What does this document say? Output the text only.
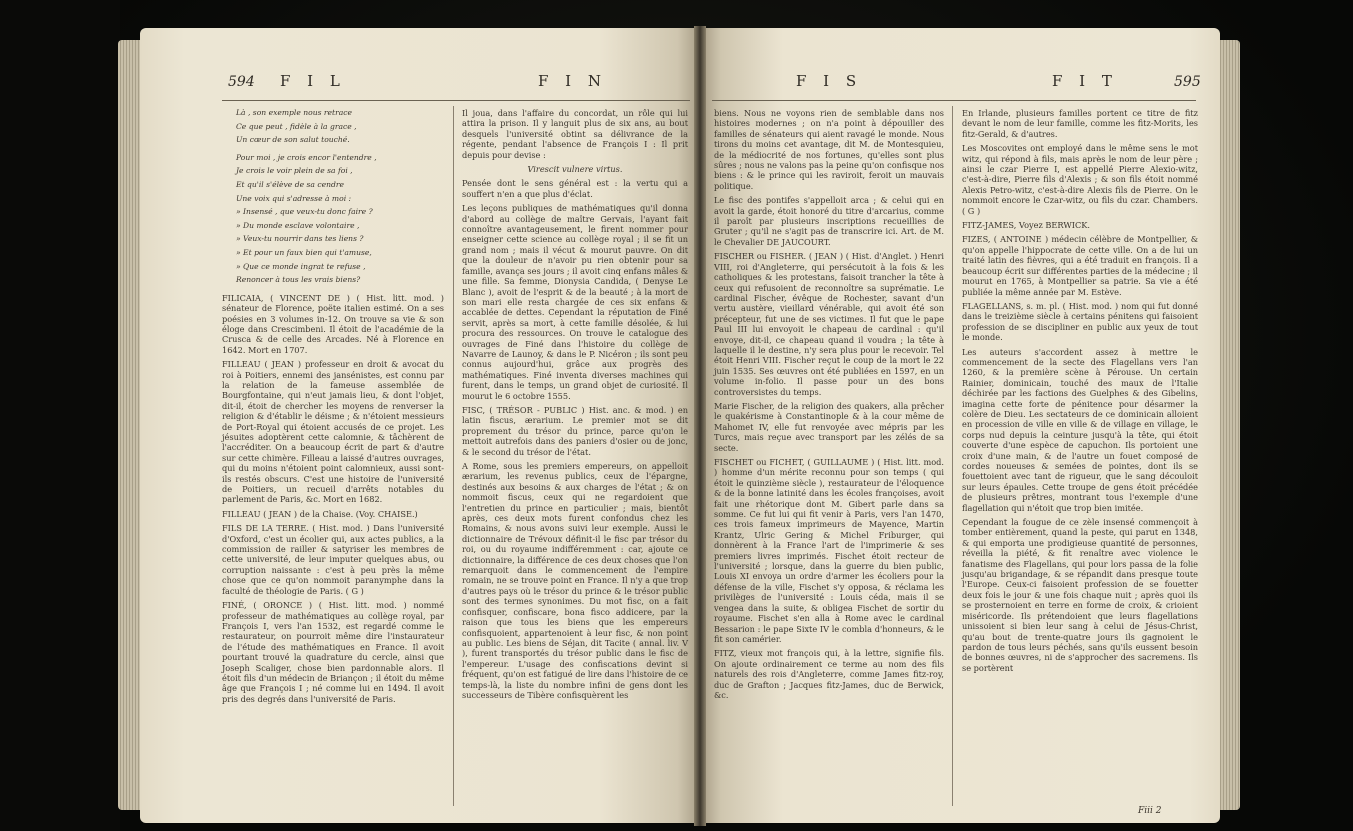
594 F I L	F I N

Là , son exemple nous retrace

Ce que peut , fidèle à la grace ,

Un cœur de son salut touché.

Pour moi , je crois encor l'entendre ,

Je crois le voir plein de sa foi ,

Et qu'il s'élève de sa cendre

Une voix qui s'adresse à moi :

» Insensé , que veux-tu donc faire ?

» Du monde esclave volontaire ,

» Veux-tu nourrir dans tes liens ?

» Et pour un faux bien qui t'amuse,

» Que ce monde ingrat te refuse ,

Renoncer à tous les vrais biens?

FILICAIA, ( VINCENT DE ) ( Hist. litt. mod. ) sénateur de Florence, poëte italien estimé. On a ses poésies en 3 volumes in-12. On trouve sa vie & son éloge dans Crescimbeni. Il étoit de l'académie de la Crusca & de celle des Arcades. Né à Florence en 1642. Mort en 1707.

FILLEAU ( JEAN ) professeur en droit & avocat du roi à Poitiers, ennemi des jansénistes, est connu par la relation de la fameuse assemblée de Bourgfontaine, qui n'eut jamais lieu, & dont l'objet, dit-il, étoit de chercher les moyens de renverser la religion & d'établir le déisme ; & n'étoient messieurs de Port-Royal qui étoient accusés de ce projet. Les jésuites adoptèrent cette calomnie, & tâchèrent de l'accréditer. On a beaucoup écrit de part & d'autre sur cette chimère. Filleau a laissé d'autres ouvrages, qui du moins n'étoient point calomnieux, aussi sont-ils restés obscurs. C'est une histoire de l'université de Poitiers, un recueil d'arrêts notables du parlement de Paris, &c. Mort en 1682.

FILLEAU ( JEAN ) de la Chaise. (Voy. CHAISE.)

FILS DE LA TERRE. ( Hist. mod. ) Dans l'université d'Oxford, c'est un écolier qui, aux actes publics, a la commission de railler & satyriser les membres de cette université, de leur imputer quelques abus, ou corruption naissante : c'est à peu près la même chose que ce qu'on nommoit paranymphe dans la faculté de théologie de Paris. ( G )

FINÉ, ( ORONCE ) ( Hist. litt. mod. ) nommé professeur de mathématiques au collège royal, par François I, vers l'an 1532, est regardé comme le restaurateur, on pourroit même dire l'instaurateur de l'étude des mathématiques en France. Il avoit pourtant trouvé la quadrature du cercle, ainsi que Joseph Scaliger, chose bien pardonnable alors. Il étoit fils d'un médecin de Briançon ; il étoit du même âge que François I ; né comme lui en 1494. Il avoit pris des degrés dans l'université de Paris.

Il joua, dans l'affaire du concordat, un rôle qui lui attira la prison. Il y languit plus de six ans, au bout desquels l'université obtint sa délivrance de la régente, pendant l'absence de François I : Il prit depuis pour devise :

Virescit vulnere virtus.

Pensée dont le sens général est : la vertu qui a souffert n'en a que plus d'éclat.

Les leçons publiques de mathématiques qu'il donna d'abord au collège de maître Gervais, l'ayant fait connoître avantageusement, le firent nommer pour enseigner cette science au collège royal ; il se fit un grand nom ; mais il vécut & mourut pauvre. On dit que la douleur de n'avoir pu rien obtenir pour sa famille, avança ses jours ; il avoit cinq enfans mâles & une fille. Sa femme, Dionysia Candida, ( Denyse Le Blanc ), avoit de l'esprit & de la beauté ; à la mort de son mari elle resta chargée de ces six enfans & accablée de dettes. Cependant la réputation de Finé servit, après sa mort, à cette famille désolée, & lui procura des ressources. On trouve le catalogue des ouvrages de Finé dans l'histoire du collège de Navarre de Launoy, & dans le P. Nicéron ; ils sont peu connus aujourd'hui, grâce aux progrès des mathématiques. Finé inventa diverses machines qui furent, dans le temps, un grand objet de curiosité. Il mourut le 6 octobre 1555.

FISC, ( TRÉSOR - PUBLIC ) Hist. anc. & mod. ) en latin fiscus, ærarium. Le premier mot se dit proprement du trésor du prince, parce qu'on le mettoit autrefois dans des paniers d'osier ou de jonc, & le second du trésor de l'état.

A Rome, sous les premiers empereurs, on appelloit ærarium, les revenus publics, ceux de l'épargne, destinés aux besoins & aux charges de l'état ; & on nommoit fiscus, ceux qui ne regardoient que l'entretien du prince en particulier ; mais, bientôt après, ces deux mots furent confondus chez les Romains, & nous avons suivi leur exemple. Aussi le dictionnaire de Trévoux définit-il le fisc par trésor du roi, ou du royaume indifféremment : car, ajoute ce dictionnaire, la différence de ces deux choses que l'on remarquoit dans le commencement de l'empire romain, ne se trouve point en France. Il n'y a que trop d'autres pays où le trésor du prince & le trésor public sont des termes synonimes. Du mot fisc, on a fait confisquer, confiscare, bona fisco addicere, par la raison que tous les biens que les empereurs confisquoient, appartenoient à leur fisc, & non point au public. Les biens de Séjan, dit Tacite ( annal. liv. V ), furent transportés du trésor public dans le fisc de l'empereur. L'usage des confiscations devint si fréquent, qu'on est fatigué de lire dans l'histoire de ce temps-là, la liste du nombre infini de gens dont les successeurs de Tibère confisquèrent les

F I S	F I T	595

biens. Nous ne voyons rien de semblable dans nos histoires modernes ; on n'a point à dépouiller des familles de sénateurs qui aient ravagé le monde. Nous tirons du moins cet avantage, dit M. de Montesquieu, de la médiocrité de nos fortunes, qu'elles sont plus sûres ; nous ne valons pas la peine qu'on confisque nos biens : & le prince qui les raviroit, feroit un mauvais politique.

Le fisc des pontifes s'appelloit arca ; & celui qui en avoit la garde, étoit honoré du titre d'arcarius, comme il paroît par plusieurs inscriptions recueillies de Gruter ; qu'il ne s'agit pas de transcrire ici. Art. de M. le Chevalier DE JAUCOURT.

FISCHER ou FISHER. ( JEAN ) ( Hist. d'Anglet. ) Henri VIII, roi d'Angleterre, qui persécutoit à la fois & les catholiques & les protestans, faisoit trancher la tête à ceux qui refusoient de reconnoître sa suprématie. Le cardinal Fischer, évêque de Rochester, savant d'un vertu austère, vieillard vénérable, qui avoit été son précepteur, fut une de ses victimes. Il fut que le pape Paul III lui envoyoit le chapeau de cardinal : qu'il envoye, dit-il, ce chapeau quand il voudra ; la tête à laquelle il le destine, n'y sera plus pour le recevoir. Tel étoit Henri VIII. Fischer reçut le coup de la mort le 22 juin 1535. Ses œuvres ont été publiées en 1597, en un volume in-folio. Il passe pour un des bons controversistes du temps.

Marie Fischer, de la religion des quakers, alla prêcher le quakérisme à Constantinople & à la cour même de Mahomet IV, elle fut renvoyée avec mépris par les Turcs, mais reçue avec transport par les zélés de sa secte.

FISCHET ou FICHET, ( GUILLAUME ) ( Hist. litt. mod. ) homme d'un mérite reconnu pour son temps ( qui étoit le quinzième siècle ), restaurateur de l'éloquence & de la bonne latinité dans les écoles françoises, avoit fait une rhétorique dont M. Gibert parle dans sa somme. Ce fut lui qui fit venir à Paris, vers l'an 1470, ces trois fameux imprimeurs de Mayence, Martin Krantz, Ulric Gering & Michel Friburger, qui donnèrent à la France l'art de l'imprimerie & ses premiers livres imprimés. Fischet étoit recteur de l'université ; lorsque, dans la guerre du bien public, Louis XI envoya un ordre d'armer les écoliers pour la défense de la ville, Fischet s'y opposa, & réclama les privilèges de l'université : Louis céda, mais il se vengea dans la suite, & obligea Fischet de sortir du royaume. Fischet s'en alla à Rome avec le cardinal Bessarion : le pape Sixte IV le combla d'honneurs, & le fit son camérier.

FITZ, vieux mot françois qui, à la lettre, signifie fils. On ajoute ordinairement ce terme au nom des fils naturels des rois d'Angleterre, comme James fitz-roy, duc de Grafton ; Jacques fitz-James, duc de Berwick, &c.

En Irlande, plusieurs familles portent ce titre de fitz devant le nom de leur famille, comme les fitz-Morits, les fitz-Gerald, & d'autres.

Les Moscovites ont employé dans le même sens le mot witz, qui répond à fils, mais après le nom de leur père ; ainsi le czar Pierre I, est appellé Pierre Alexio-witz, c'est-à-dire, Pierre fils d'Alexis ; & son fils étoit nommé Alexis Petro-witz, c'est-à-dire Alexis fils de Pierre. On le nommoit encore le Czar-witz, ou fils du czar. Chambers. ( G )

FITZ-JAMES, Voyez BERWICK.

FIZES, ( ANTOINE ) médecin célèbre de Montpellier, & qu'on appelle l'hippocrate de cette ville. On a de lui un traité latin des fièvres, qui a été traduit en françois. Il a beaucoup écrit sur différentes parties de la médecine ; il mourut en 1765, à Montpellier sa patrie. Sa vie a été publiée la même année par M. Estève.

FLAGELLANS, s. m. pl. ( Hist. mod. ) nom qui fut donné dans le treizième siècle à certains pénitens qui faisoient profession de se discipliner en public aux yeux de tout le monde.

Les auteurs s'accordent assez à mettre le commencement de la secte des Flagellans vers l'an 1260, & la première scène à Pérouse. Un certain Rainier, dominicain, touché des maux de l'Italie déchirée par les factions des Guelphes & des Gibelins, imagina cette forte de pénitence pour désarmer la colère de Dieu. Les sectateurs de ce dominicain alloient en procession de ville en ville & de village en village, le corps nud depuis la ceinture jusqu'à la tête, qui étoit couverte d'une espèce de capuchon. Ils portoient une croix d'une main, & de l'autre un fouet composé de cordes noueuses & semées de pointes, dont ils se fouettoient avec tant de rigueur, que le sang découloit sur leurs épaules. Cette troupe de gens étoit précédée de plusieurs prêtres, montrant tous l'exemple d'une flagellation qui n'étoit que trop bien imitée.

Cependant la fougue de ce zèle insensé commençoit à tomber entièrement, quand la peste, qui parut en 1348, & qui emporta une prodigieuse quantité de personnes, réveilla la piété, & fit renaître avec violence le fanatisme des Flagellans, qui pour lors passa de la folie jusqu'au brigandage, & se répandit dans presque toute l'Europe. Ceux-ci faisoient profession de se fouetter deux fois le jour & une fois chaque nuit ; après quoi ils se prosternoient en terre en forme de croix, & crioient miséricorde. Ils prétendoient que leurs flagellations unissoient si bien leur sang à celui de Jésus-Christ, qu'au bout de trente-quatre jours ils gagnoient le pardon de tous leurs péchés, sans qu'ils eussent besoin de bonnes œuvres, ni de s'approcher des sacremens. Ils se portèrent

Fiii 2
